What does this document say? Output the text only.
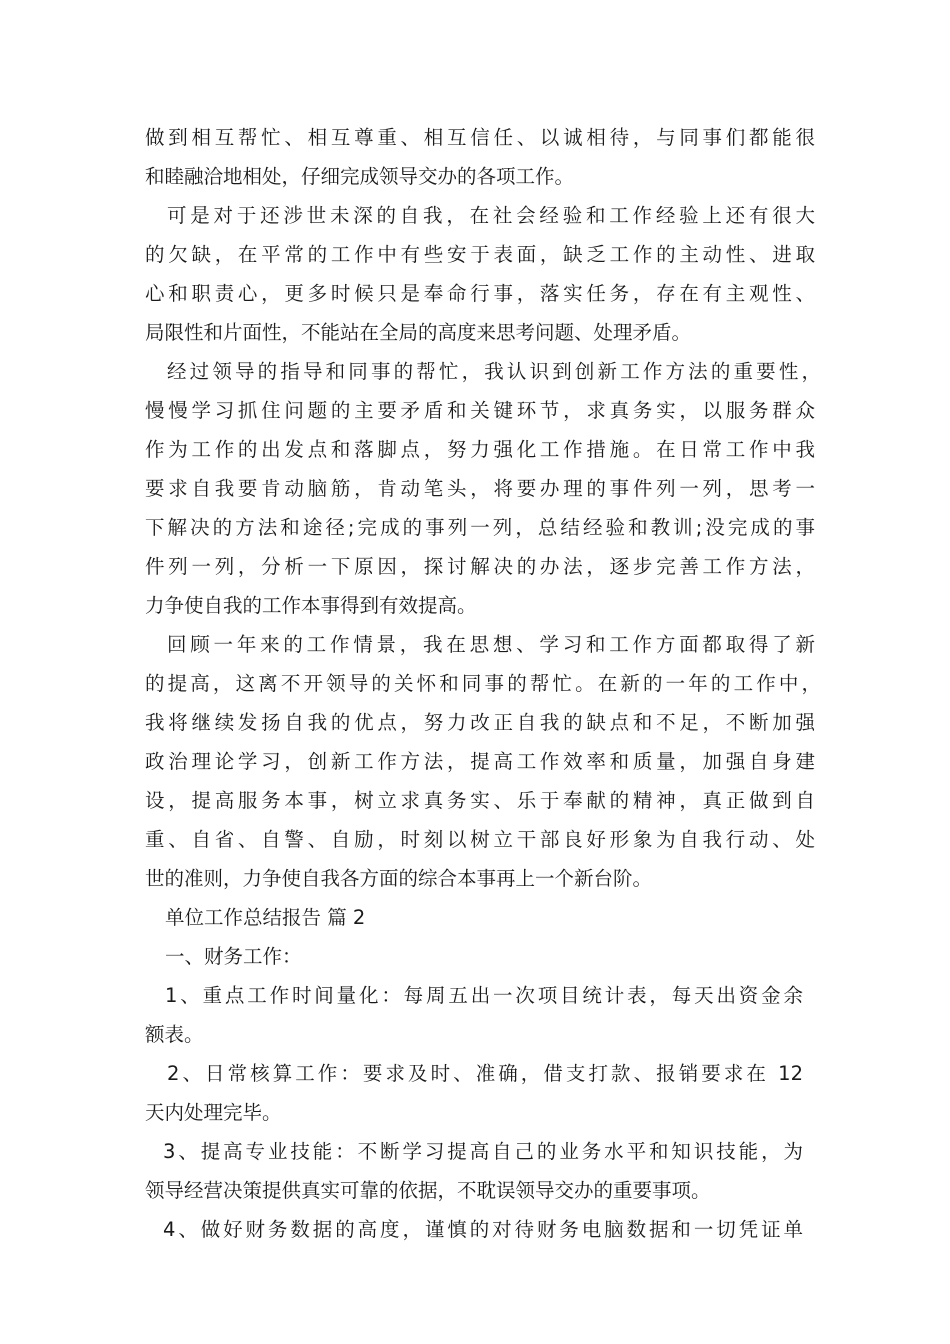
做到相互帮忙、相互尊重、相互信任、以诚相待，与同事们都能很
和睦融洽地相处，仔细完成领导交办的各项工作。
可是对于还涉世未深的自我，在社会经验和工作经验上还有很大
的欠缺，在平常的工作中有些安于表面，缺乏工作的主动性、进取
心和职责心，更多时候只是奉命行事，落实任务，存在有主观性、
局限性和片面性，不能站在全局的高度来思考问题、处理矛盾。
经过领导的指导和同事的帮忙，我认识到创新工作方法的重要性，
慢慢学习抓住问题的主要矛盾和关键环节，求真务实，以服务群众
作为工作的出发点和落脚点，努力强化工作措施。在日常工作中我
要求自我要肯动脑筋，肯动笔头，将要办理的事件列一列，思考一
下解决的方法和途径;完成的事列一列，总结经验和教训;没完成的事
件列一列，分析一下原因，探讨解决的办法，逐步完善工作方法，
力争使自我的工作本事得到有效提高。
回顾一年来的工作情景，我在思想、学习和工作方面都取得了新
的提高，这离不开领导的关怀和同事的帮忙。在新的一年的工作中，
我将继续发扬自我的优点，努力改正自我的缺点和不足，不断加强
政治理论学习，创新工作方法，提高工作效率和质量，加强自身建
设，提高服务本事，树立求真务实、乐于奉献的精神，真正做到自
重、自省、自警、自励，时刻以树立干部良好形象为自我行动、处
世的准则，力争使自我各方面的综合本事再上一个新台阶。
单位工作总结报告 篇 2
一、财务工作：
1、重点工作时间量化：每周五出一次项目统计表，每天出资金余
额表。
2、日常核算工作：要求及时、准确，借支打款、报销要求在 12
天内处理完毕。
3、提高专业技能：不断学习提高自己的业务水平和知识技能，为
领导经营决策提供真实可靠的依据，不耽误领导交办的重要事项。
4、做好财务数据的高度，谨慎的对待财务电脑数据和一切凭证单
